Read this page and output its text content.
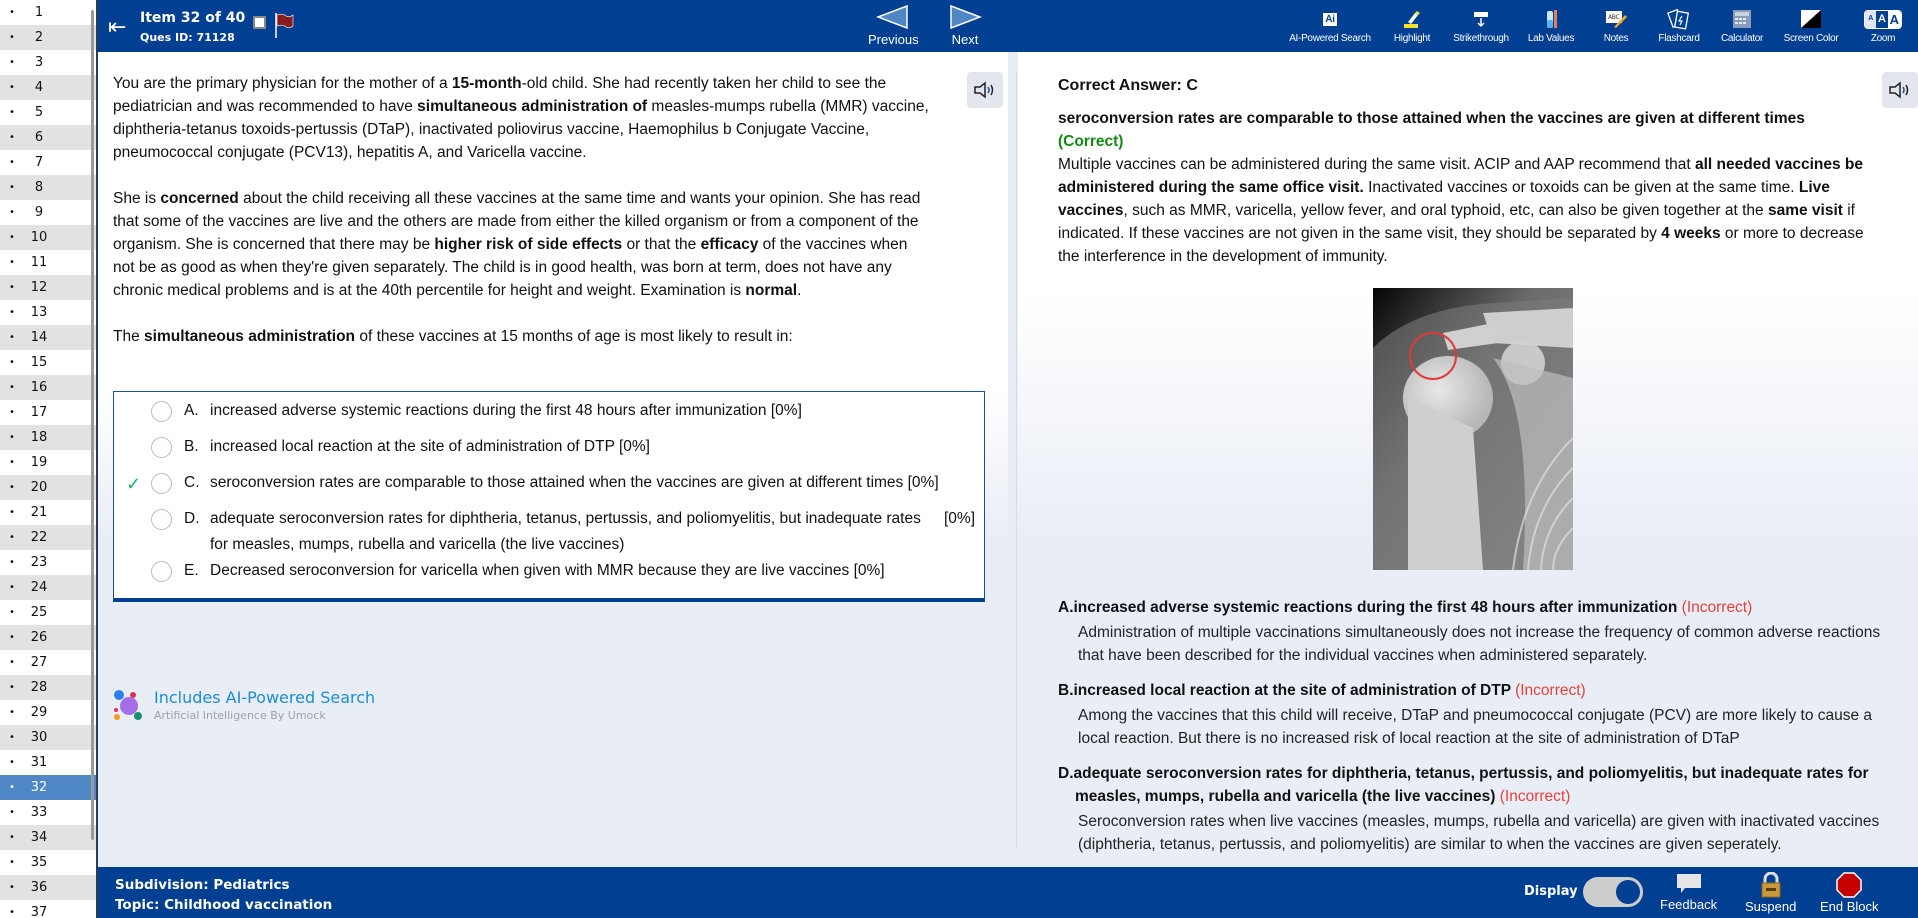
•	1
•	2
•	3
•	4
•	5
•	6
•	7
•	8
•	9
•	10
•	11
•	12
•	13
•	14
•	15
•	16
•	17
•	18
•	19
•	20
•	21
•	22
•	23
•	24
•	25
•	26
•	27
•	28
•	29
•	30
•	31
•	32
•	33
•	34
•	35
•	36
•	37
⇤ Item 32 of 40
Ques ID: 71128	Previous	Next
Ai
AI-Powered Search	Highlight	Strikethrough	Lab Values
ABC
Notes	Flashcard	Calculator	Screen Color
A A A
Zoom

You are the primary physician for the mother of a 15-month-old child. She had recently taken her child to see the pediatrician and was recommended to have simultaneous administration of measles-mumps rubella (MMR) vaccine, diphtheria-tetanus toxoids-pertussis (DTaP), inactivated poliovirus vaccine, Haemophilus b Conjugate Vaccine, pneumococcal conjugate (PCV13), hepatitis A, and Varicella vaccine.

She is concerned about the child receiving all these vaccines at the same time and wants your opinion. She has read that some of the vaccines are live and the others are made from either the killed organism or from a component of the organism. She is concerned that there may be higher risk of side effects or that the efficacy of the vaccines when not be as good as when they're given separately. The child is in good health, was born at term, does not have any chronic medical problems and is at the 40th percentile for height and weight. Examination is normal.

The simultaneous administration of these vaccines at 15 months of age is most likely to result in:

A. increased adverse systemic reactions during the first 48 hours after immunization [0%]
B. increased local reaction at the site of administration of DTP [0%]
✓	C. seroconversion rates are comparable to those attained when the vaccines are given at different times [0%]
D. adequate seroconversion rates for diphtheria, tetanus, pertussis, and poliomyelitis, but inadequate rates for measles, mumps, rubella and varicella (the live vaccines)
[0%]
E. Decreased seroconversion for varicella when given with MMR because they are live vaccines [0%]
Includes AI-Powered Search
Artificial Intelligence By Umock
Correct Answer: C
seroconversion rates are comparable to those attained when the vaccines are given at different times
(Correct)
Multiple vaccines can be administered during the same visit. ACIP and AAP recommend that all needed vaccines be administered during the same office visit. Inactivated vaccines or toxoids can be given at the same time. Live vaccines, such as MMR, varicella, yellow fever, and oral typhoid, etc, can also be given together at the same visit if indicated. If these vaccines are not given in the same visit, they should be separated by 4 weeks or more to decrease the interference in the development of immunity.
A.increased adverse systemic reactions during the first 48 hours after immunization (Incorrect)
Administration of multiple vaccinations simultaneously does not increase the frequency of common adverse reactions that have been described for the individual vaccines when administered separately.
B.increased local reaction at the site of administration of DTP (Incorrect)
Among the vaccines that this child will receive, DTaP and pneumococcal conjugate (PCV) are more likely to cause a local reaction. But there is no increased risk of local reaction at the site of administration of DTaP
D.adequate seroconversion rates for diphtheria, tetanus, pertussis, and poliomyelitis, but inadequate rates for measles, mumps, rubella and varicella (the live vaccines) (Incorrect)
Seroconversion rates when live vaccines (measles, mumps, rubella and varicella) are given with inactivated vaccines (diphtheria, tetanus, pertussis, and poliomyelitis) are similar to when the vaccines are given seperately.
Subdivision: Pediatrics
Topic: Childhood vaccination
Display
Feedback Suspend End Block
